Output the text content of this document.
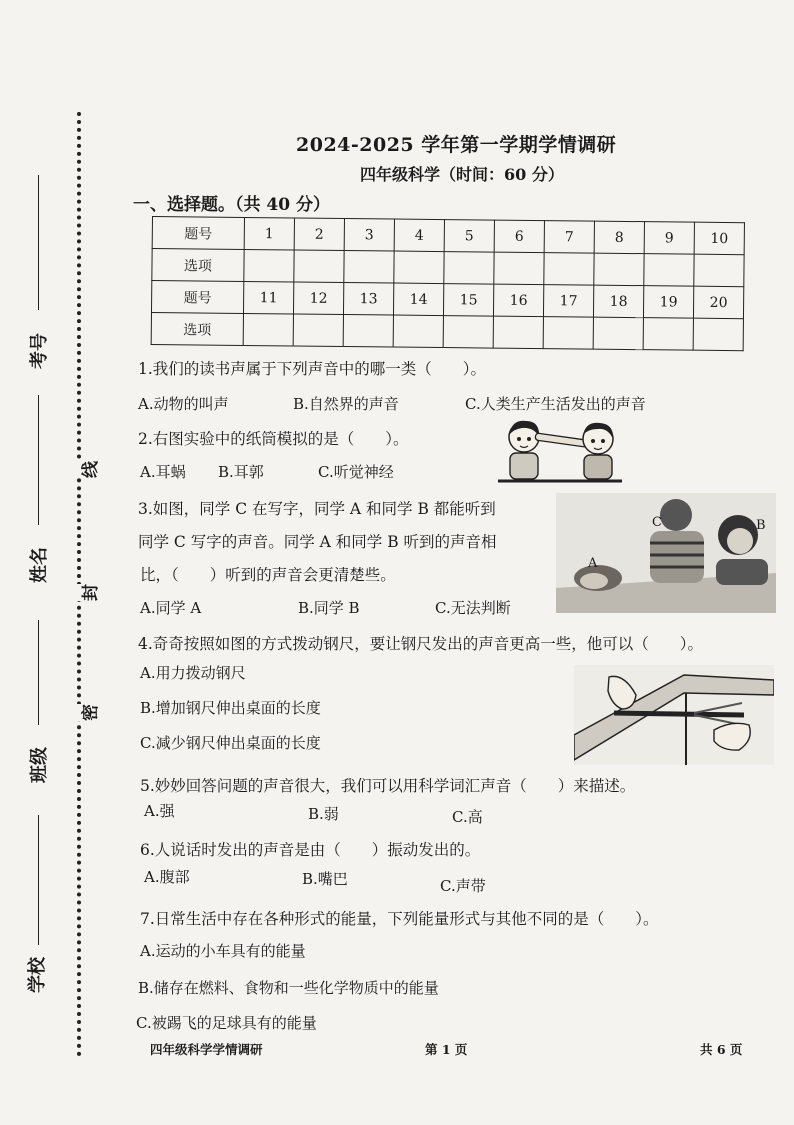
线
封
密
考号
姓名
班级
学校
2024-2025 学年第一学期学情调研
四年级科学（时间：60 分）
一、选择题。（共 40 分）
题号	1	2	3	4	5	6	7	8	9	10
选项										
题号	11	12	13	14	15	16	17	18	19	20
选项										
1.我们的读书声属于下列声音中的哪一类（　　）。
A.动物的叫声	B.自然界的声音	C.人类生产生活发出的声音
2.右图实验中的纸筒模拟的是（　　）。
A.耳蜗 B.耳郭	C.听觉神经
3.如图，同学 C 在写字，同学 A 和同学 B 都能听到
同学 C 写字的声音。同学 A 和同学 B 听到的声音相
比，（　　）听到的声音会更清楚些。
A.同学 A	B.同学 B	C.无法判断
C	B
A
4.奇奇按照如图的方式拨动钢尺，要让钢尺发出的声音更高一些，他可以（　　）。
A.用力拨动钢尺
B.增加钢尺伸出桌面的长度
C.减少钢尺伸出桌面的长度
5.妙妙回答问题的声音很大，我们可以用科学词汇声音（　　）来描述。
A.强	B.弱	C.高
6.人说话时发出的声音是由（　　）振动发出的。
A.腹部	B.嘴巴	C.声带
7.日常生活中存在各种形式的能量，下列能量形式与其他不同的是（　　）。
A.运动的小车具有的能量
B.储存在燃料、食物和一些化学物质中的能量
C.被踢飞的足球具有的能量
四年级科学学情调研	第 1 页	共 6 页
